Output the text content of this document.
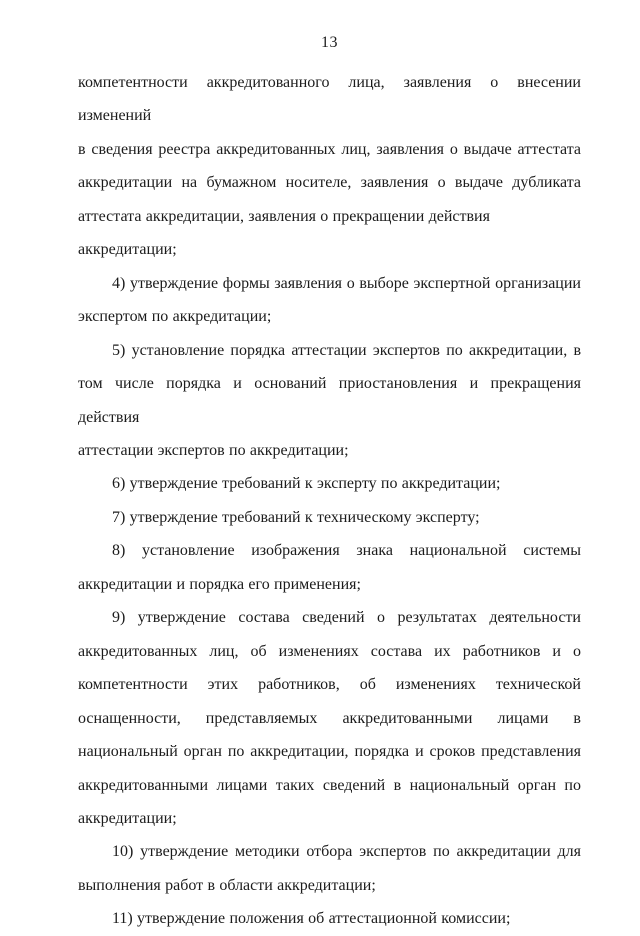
13
компетентности аккредитованного лица, заявления о внесении изменений
в сведения реестра аккредитованных лиц, заявления о выдаче аттестата
аккредитации на бумажном носителе, заявления о выдаче дубликата
аттестата аккредитации, заявления о прекращении действия аккредитации;
4) утверждение формы заявления о выборе экспертной организации
экспертом по аккредитации;
5) установление порядка аттестации экспертов по аккредитации, в
том числе порядка и оснований приостановления и прекращения действия
аттестации экспертов по аккредитации;
6) утверждение требований к эксперту по аккредитации;
7) утверждение требований к техническому эксперту;
8) установление изображения знака национальной системы
аккредитации и порядка его применения;
9) утверждение состава сведений о результатах деятельности
аккредитованных лиц, об изменениях состава их работников и о
компетентности этих работников, об изменениях технической
оснащенности, представляемых аккредитованными лицами в
национальный орган по аккредитации, порядка и сроков представления
аккредитованными лицами таких сведений в национальный орган по
аккредитации;
10) утверждение методики отбора экспертов по аккредитации для
выполнения работ в области аккредитации;
11) утверждение положения об аттестационной комиссии;
